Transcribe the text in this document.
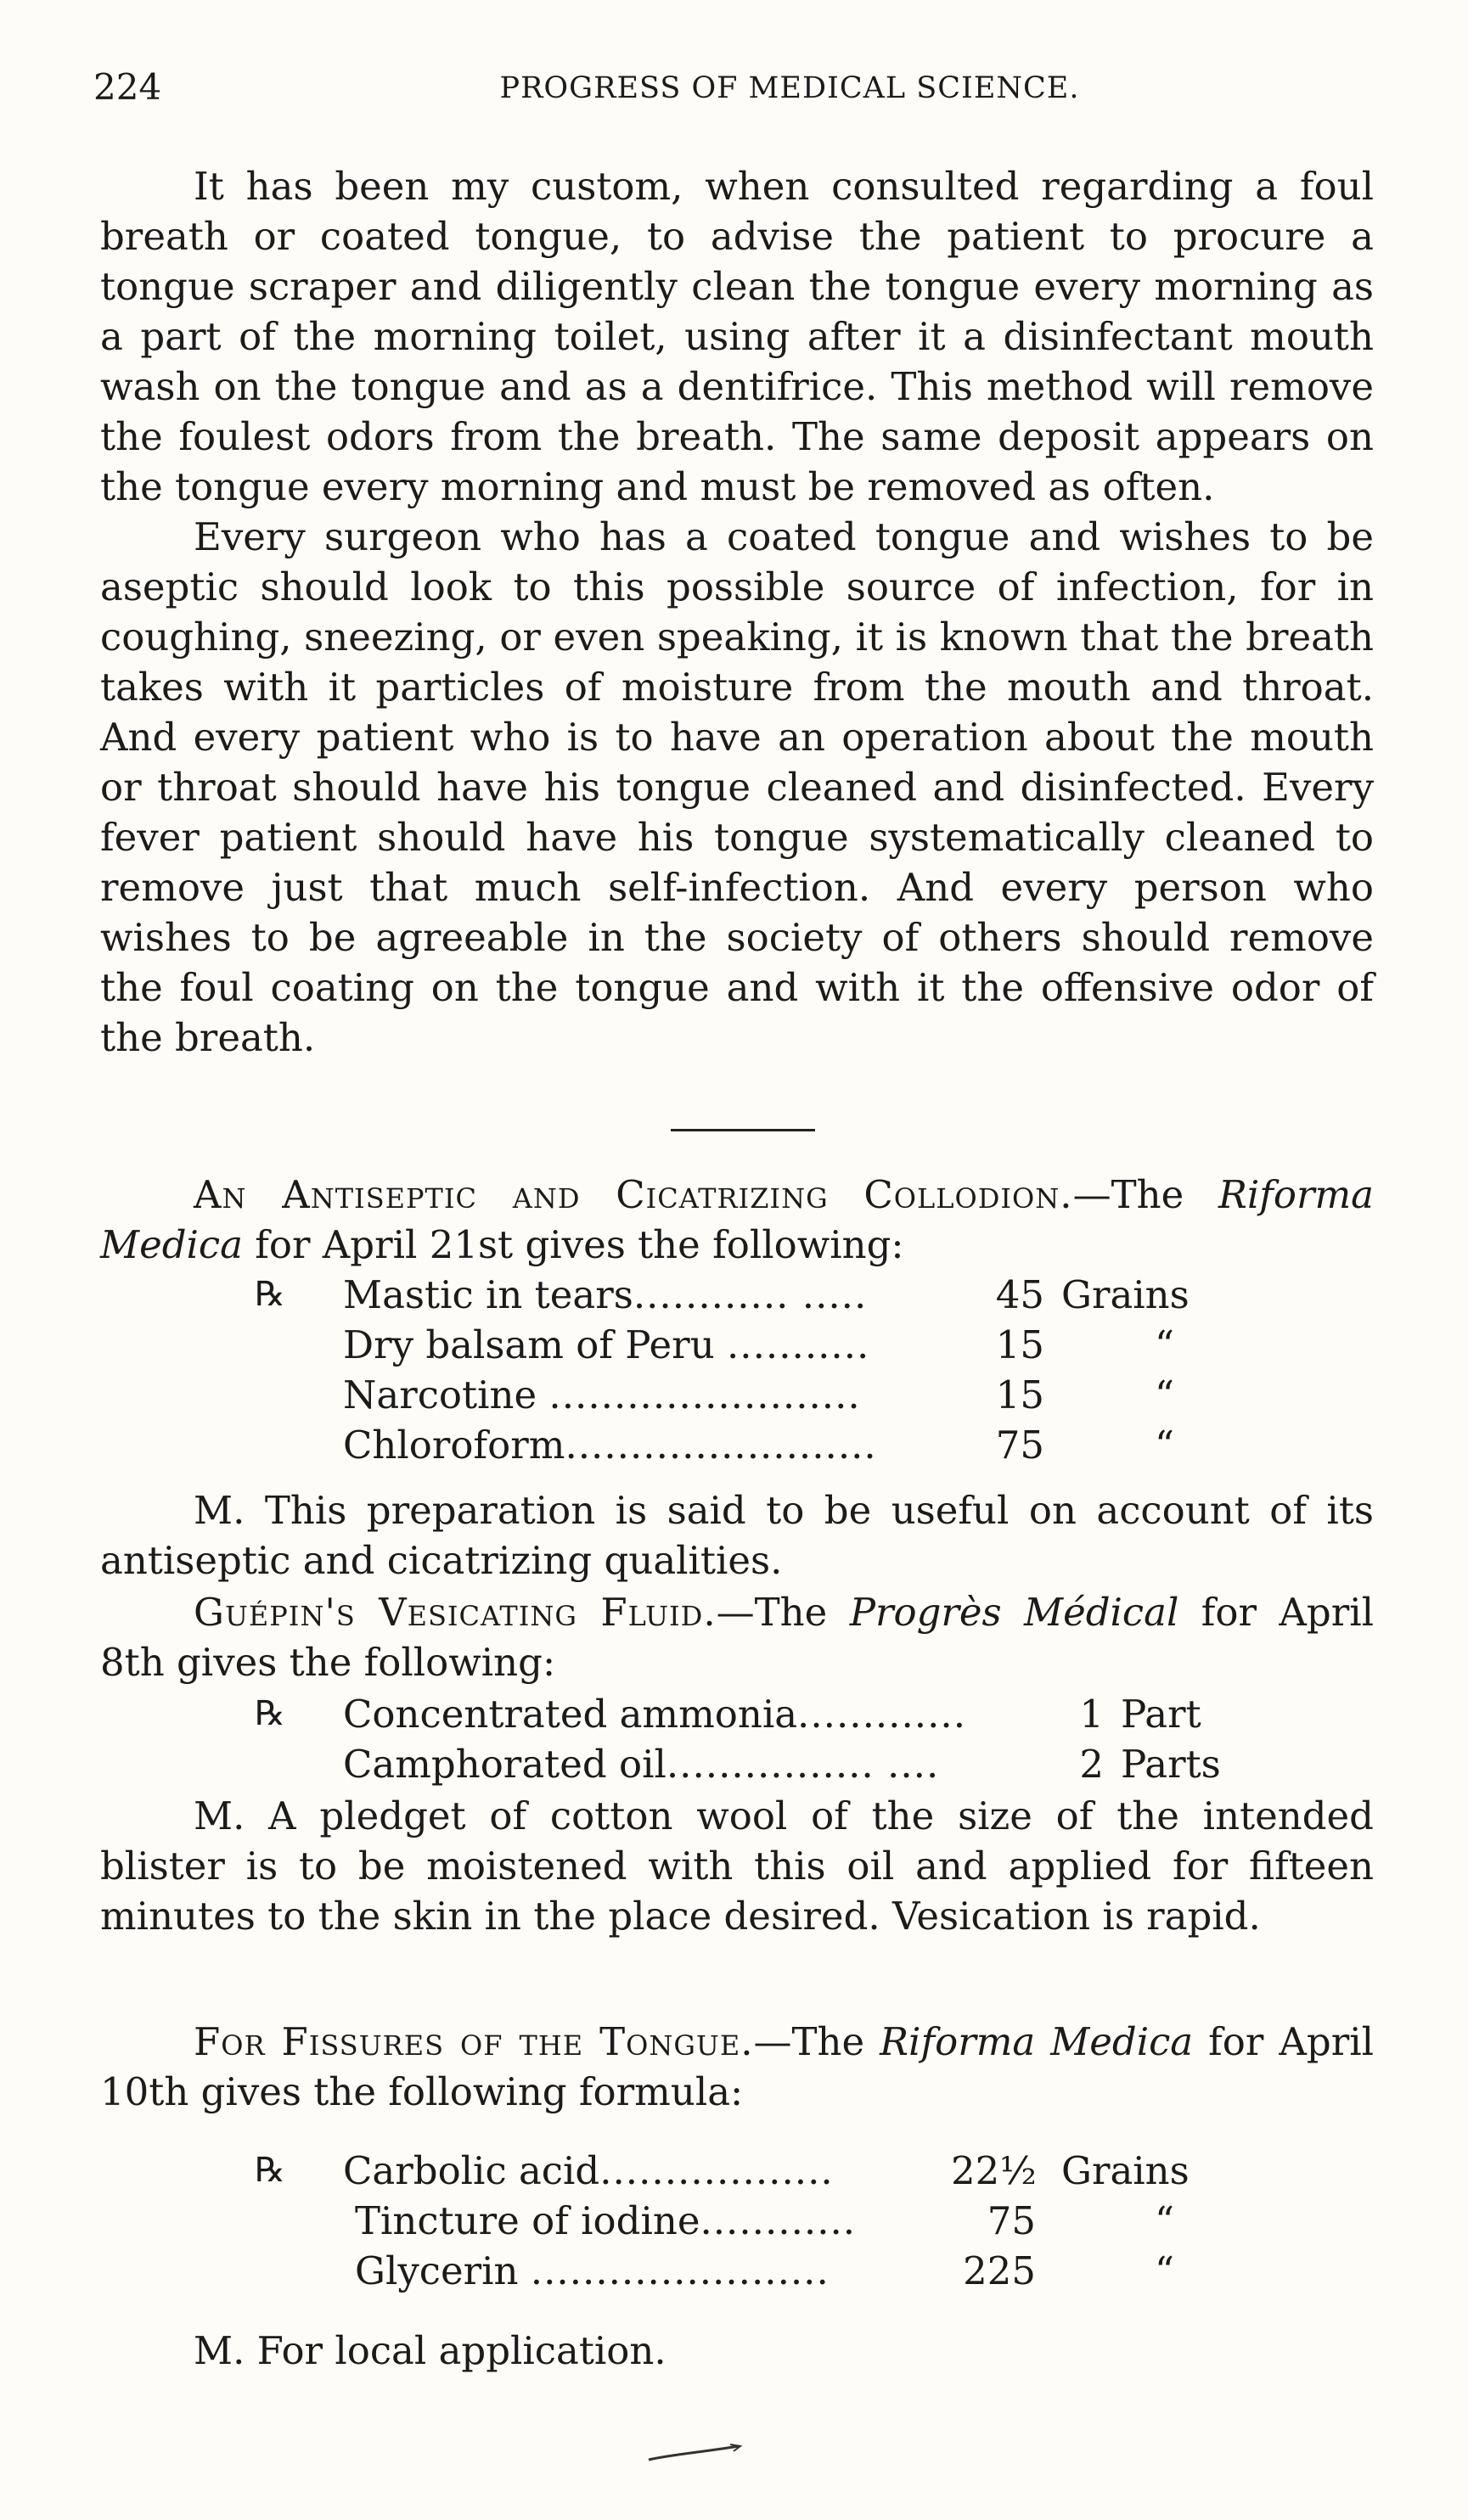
224	PROGRESS OF MEDICAL SCIENCE.

It has been my custom, when consulted regarding a foul breath or coated tongue, to advise the patient to procure a tongue scraper and diligently clean the tongue every morning as a part of the morning toilet, using after it a disinfectant mouth wash on the tongue and as a dentifrice. This method will remove the foulest odors from the breath. The same deposit appears on the tongue every morning and must be removed as often.

Every surgeon who has a coated tongue and wishes to be aseptic should look to this possible source of infection, for in coughing, sneezing, or even speaking, it is known that the breath takes with it particles of moisture from the mouth and throat. And every patient who is to have an operation about the mouth or throat should have his tongue cleaned and disinfected. Every fever patient should have his tongue systematically cleaned to remove just that much self-infection. And every person who wishes to be agreeable in the society of others should remove the foul coating on the tongue and with it the offensive odor of the breath.

An Antiseptic and Cicatrizing Collodion.—The Riforma Medica for April 21st gives the following:

℞ Mastic in tears............ .....	45 Grains
Dry balsam of Peru ...........	15	“
Narcotine ........................	15	“
Chloroform........................	75	“

M. This preparation is said to be useful on account of its antiseptic and cicatrizing qualities.

Guépin's Vesicating Fluid.—The Progrès Médical for April 8th gives the following:

℞ Concentrated ammonia.............	1 Part
Camphorated oil................ ....	2 Parts

M. A pledget of cotton wool of the size of the intended blister is to be moistened with this oil and applied for fifteen minutes to the skin in the place desired. Vesication is rapid.

For Fissures of the Tongue.—The Riforma Medica for April 10th gives the following formula:

℞ Carbolic acid..................	22½ Grains
Tincture of iodine............	75	“
Glycerin .......................	225	“

M. For local application.
